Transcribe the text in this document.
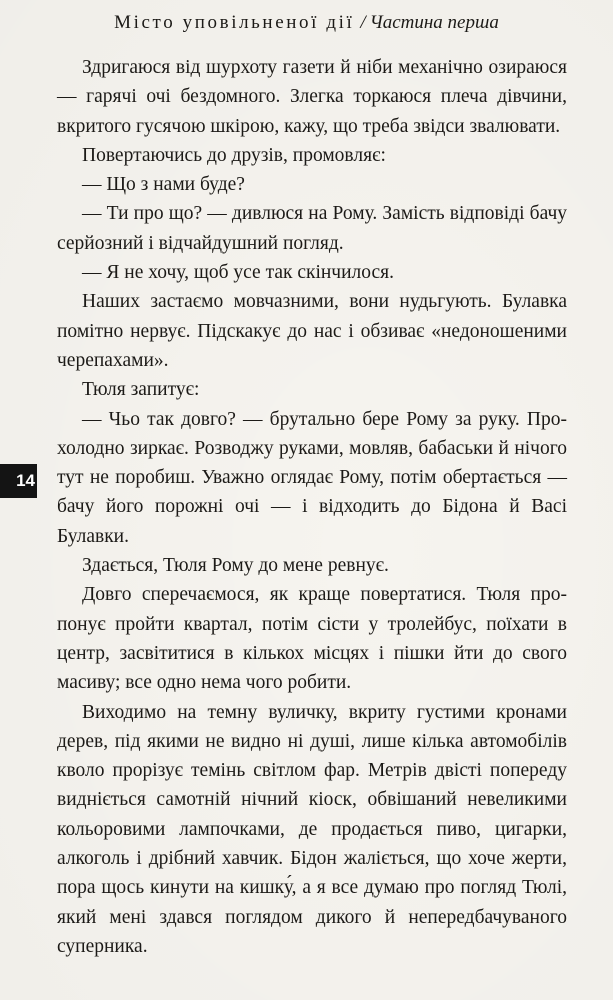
Місто уповільненої дії / Частина перша

Здригаюся від шурхоту газети й ніби механічно озираюся — гарячі очі бездомного. Злегка торкаюся плеча дівчини, вкритого гусячою шкірою, кажу, що треба звідси звалювати.

Повертаючись до друзів, промовляє:

— Що з нами буде?

— Ти про що? — дивлюся на Рому. Замість відповіді бачу серйозний і відчайдушний погляд.

— Я не хочу, щоб усе так скінчилося.

Наших застаємо мовчазними, вони нудьгують. Булавка помітно нервує. Підскакує до нас і обзиває «недоношеними черепахами».

Тюля запитує:

— Чьо так довго? — брутально бере Рому за руку. Прохолодно зиркає. Розводжу руками, мовляв, бабаськи й нічого тут не поробиш. Уважно оглядає Рому, потім обертається — бачу його порожні очі — і відходить до Бідона й Васі Булавки.

Здається, Тюля Рому до мене ревнує.

Довго сперечаємося, як краще повертатися. Тюля пропонує пройти квартал, потім сісти у тролейбус, поїхати в центр, засвітитися в кількох місцях і пішки йти до свого масиву; все одно нема чого робити.

Виходимо на темну вуличку, вкриту густими кронами дерев, під якими не видно ні душі, лише кілька автомобілів кволо прорізує темінь світлом фар. Метрів двісті попереду видніється самотній нічний кіоск, обвішаний невеликими кольоровими лампочками, де продається пиво, цигарки, алкоголь і дрібний хавчик. Бідон жаліється, що хоче жерти, пора щось кинути на кишку́, а я все думаю про погляд Тюлі, який мені здався поглядом дикого й непередбачуваного суперника.

14
